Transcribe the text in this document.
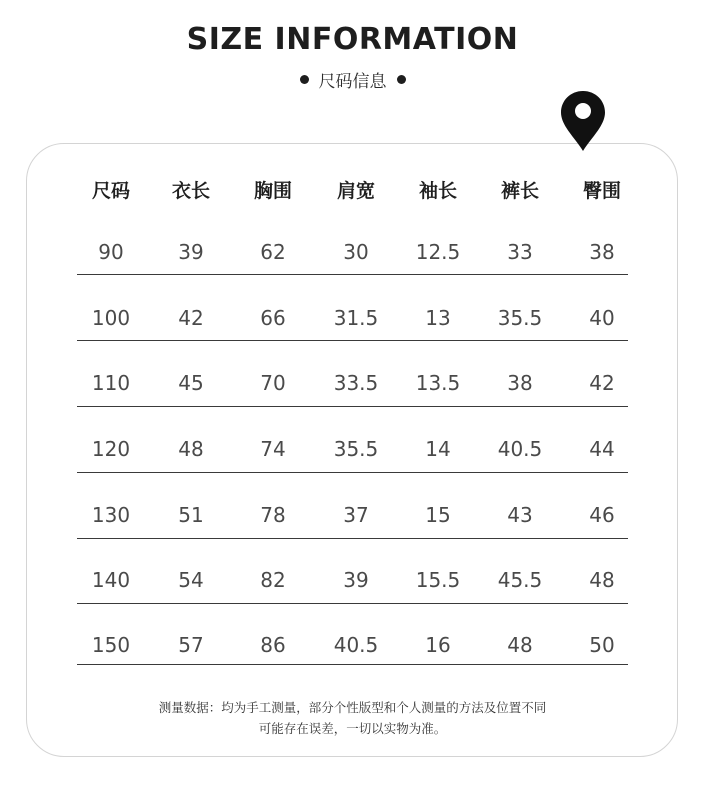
SIZE INFORMATION
尺码信息
尺码	衣长	胸围	肩宽	袖长	裤长	臀围
90	39	62	30	12.5	33	38
100	42	66	31.5	13	35.5	40
110	45	70	33.5	13.5	38	42
120	48	74	35.5	14	40.5	44
130	51	78	37	15	43	46
140	54	82	39	15.5	45.5	48
150	57	86	40.5	16	48	50
测量数据：均为手工测量，部分个性版型和个人测量的方法及位置不同
可能存在误差，一切以实物为准。
